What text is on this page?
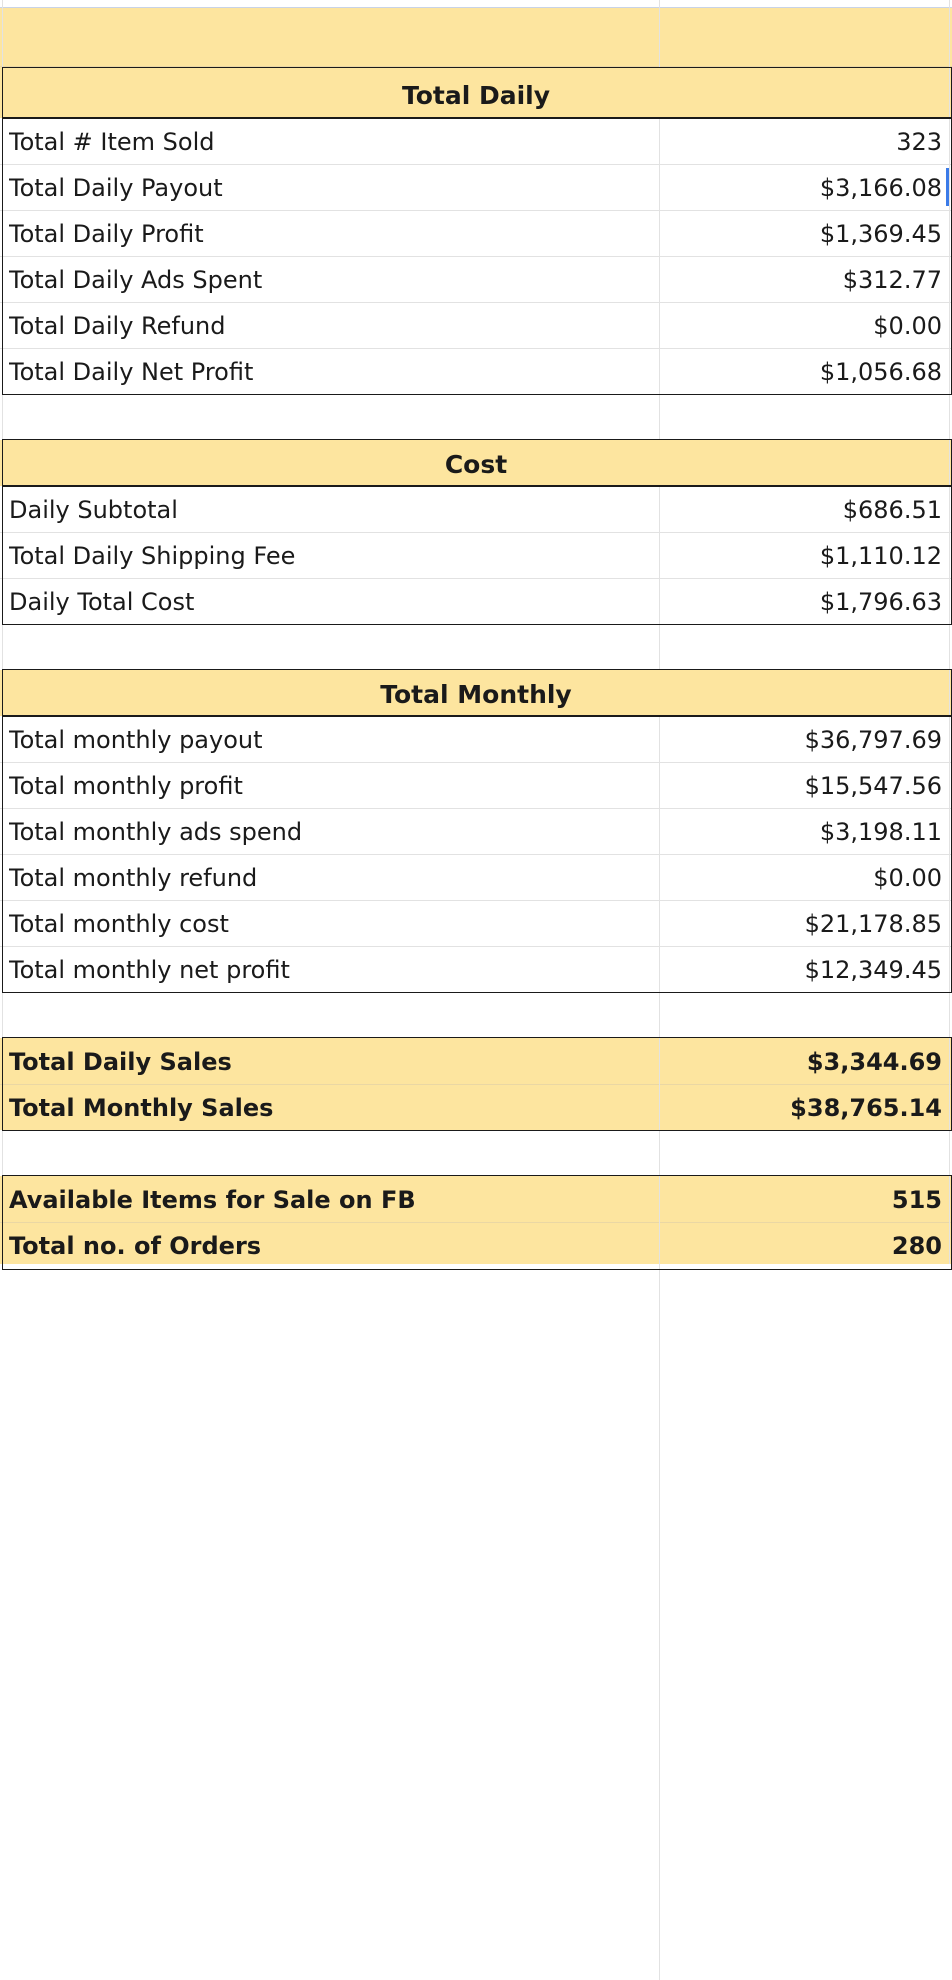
Total Daily
Total # Item Sold	323
Total Daily Payout	$3,166.08
Total Daily Profit	$1,369.45
Total Daily Ads Spent	$312.77
Total Daily Refund	$0.00
Total Daily Net Profit	$1,056.68
Cost
Daily Subtotal	$686.51
Total Daily Shipping Fee	$1,110.12
Daily Total Cost	$1,796.63
Total Monthly
Total monthly payout	$36,797.69
Total monthly profit	$15,547.56
Total monthly ads spend	$3,198.11
Total monthly refund	$0.00
Total monthly cost	$21,178.85
Total monthly net profit	$12,349.45
Total Daily Sales	$3,344.69
Total Monthly Sales	$38,765.14
Available Items for Sale on FB	515
Total no. of Orders	280
